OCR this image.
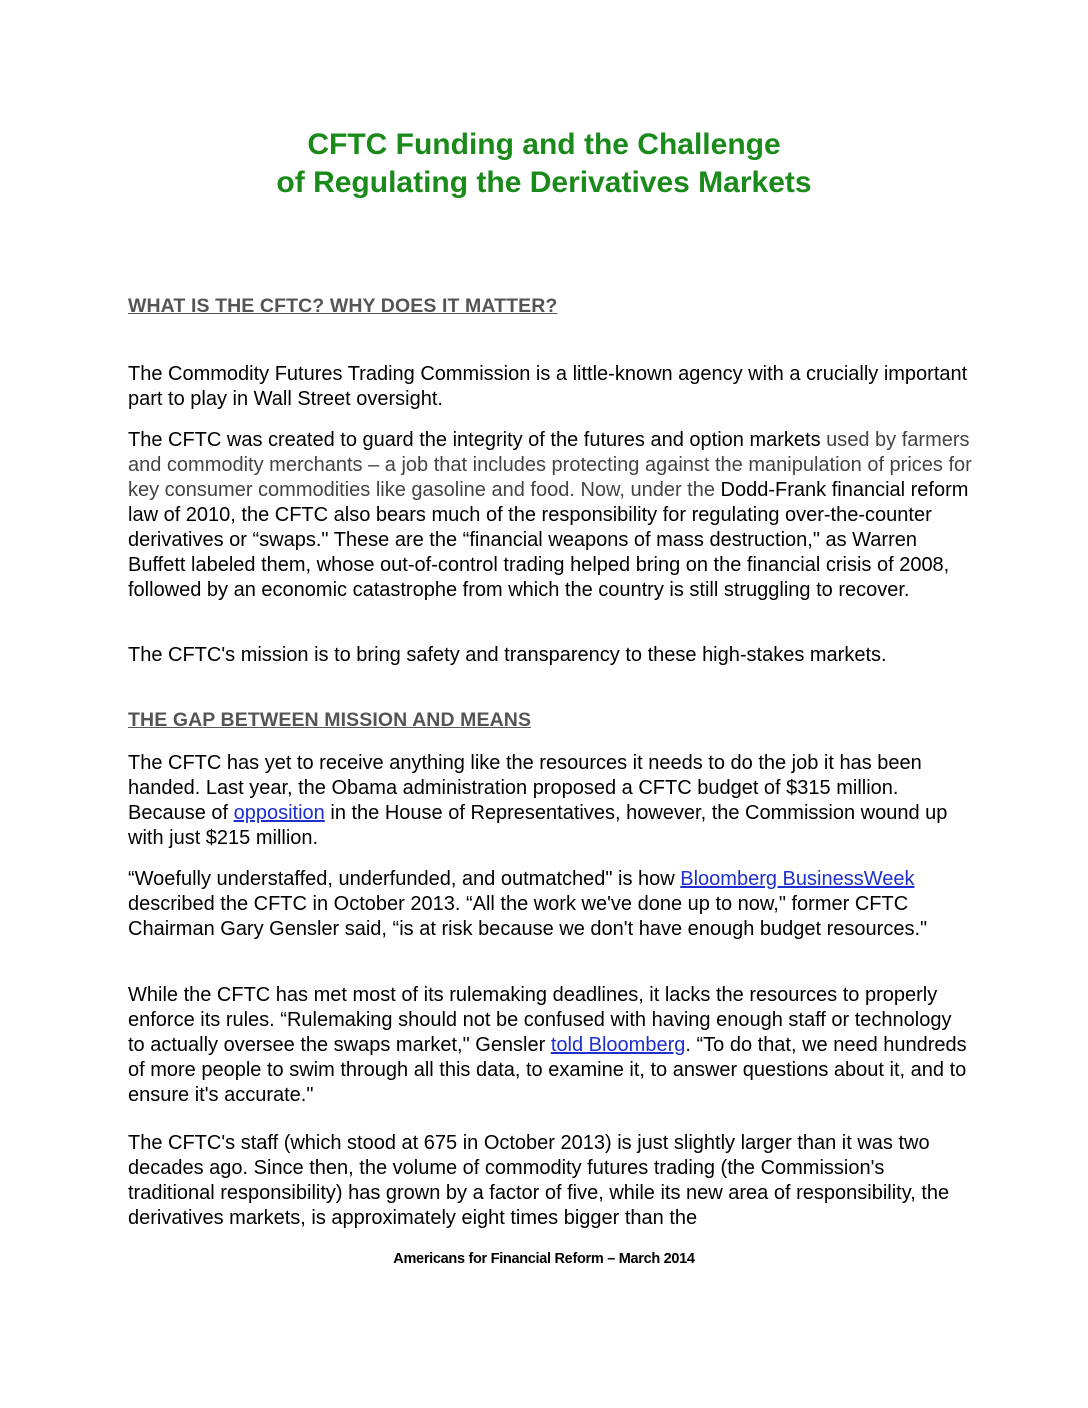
CFTC Funding and the Challenge
of Regulating the Derivatives Markets
WHAT IS THE CFTC? WHY DOES IT MATTER?

The Commodity Futures Trading Commission is a little-known agency with a crucially important part to play in Wall Street oversight.

The CFTC was created to guard the integrity of the futures and option markets used by farmers and commodity merchants – a job that includes protecting against the manipulation of prices for key consumer commodities like gasoline and food. Now, under the Dodd-Frank financial reform law of 2010, the CFTC also bears much of the responsibility for regulating over-the-counter derivatives or “swaps." These are the “financial weapons of mass destruction," as Warren Buffett labeled them, whose out-of-control trading helped bring on the financial crisis of 2008, followed by an economic catastrophe from which the country is still struggling to recover.

The CFTC's mission is to bring safety and transparency to these high-stakes markets.

THE GAP BETWEEN MISSION AND MEANS

The CFTC has yet to receive anything like the resources it needs to do the job it has been handed. Last year, the Obama administration proposed a CFTC budget of $315 million. Because of opposition in the House of Representatives, however, the Commission wound up with just $215 million.

“Woefully understaffed, underfunded, and outmatched" is how Bloomberg BusinessWeek described the CFTC in October 2013. “All the work we've done up to now," former CFTC Chairman Gary Gensler said, “is at risk because we don't have enough budget resources."

While the CFTC has met most of its rulemaking deadlines, it lacks the resources to properly enforce its rules. “Rulemaking should not be confused with having enough staff or technology to actually oversee the swaps market," Gensler told Bloomberg. “To do that, we need hundreds of more people to swim through all this data, to examine it, to answer questions about it, and to ensure it's accurate."

The CFTC's staff (which stood at 675 in October 2013) is just slightly larger than it was two decades ago. Since then, the volume of commodity futures trading (the Commission's traditional responsibility) has grown by a factor of five, while its new area of responsibility, the derivatives markets, is approximately eight times bigger than the

Americans for Financial Reform – March 2014
